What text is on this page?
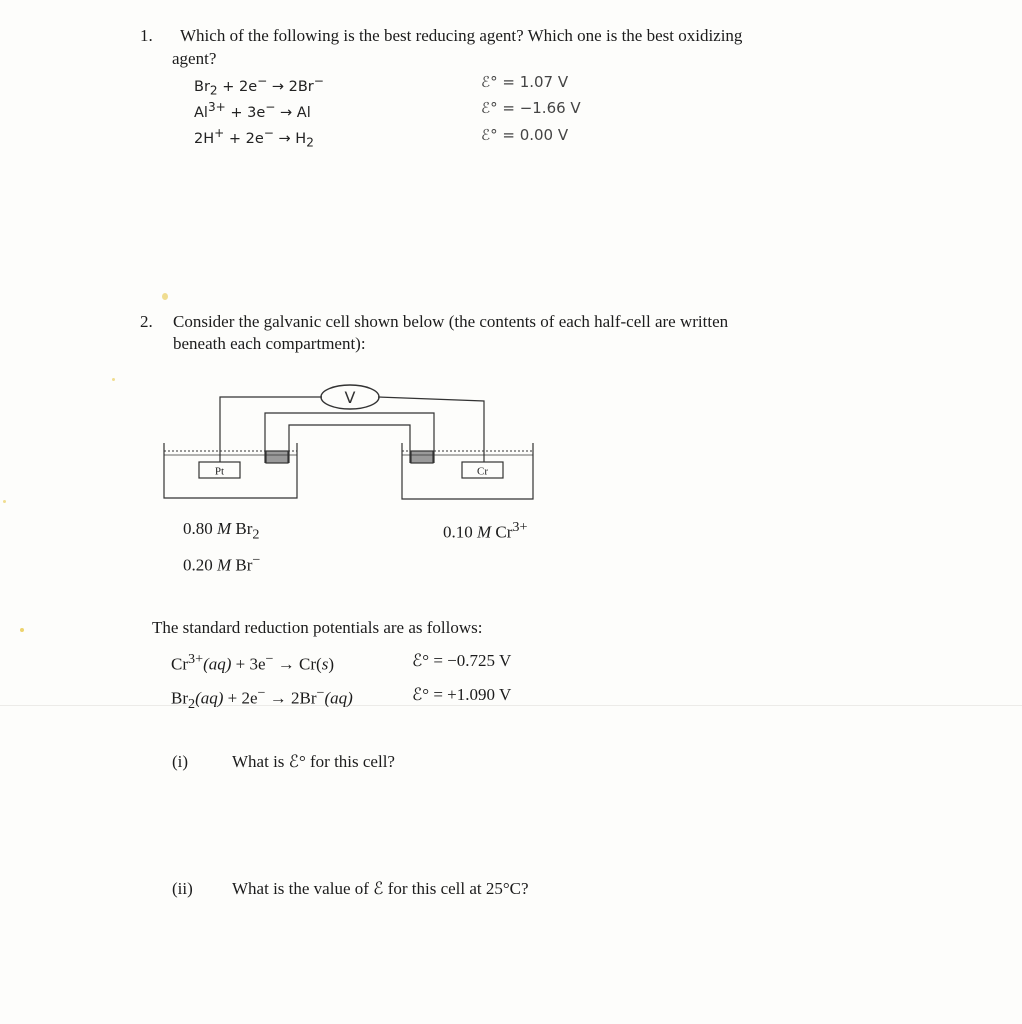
1. Which of the following is the best reducing agent? Which one is the best oxidizing
agent?
$Br_2 + 2e^- \to 2Br^-$	ℰ° = 1.07 V
$Al^{3+} + 3e^- \to Al$	ℰ° = −1.66 V
$2H^+ + 2e^- \to H_2$	ℰ° = 0.00 V
2. Consider the galvanic cell shown below (the contents of each half-cell are written
beneath each compartment):
V
Pt	Cr
0.80 M $Br_2$
0.20 M Br−
0.10 M $Cr^{3+}$
The standard reduction potentials are as follows:
$Cr^{3+}(aq) + 3e^- \to Cr(s)$	ℰ° = −0.725 V
$Br_2(aq) + 2e^- \to 2Br^-(aq)$	ℰ° = +1.090 V
(i)	What is ℰ° for this cell?
(ii) What is the value of ℰ for this cell at 25°C?
